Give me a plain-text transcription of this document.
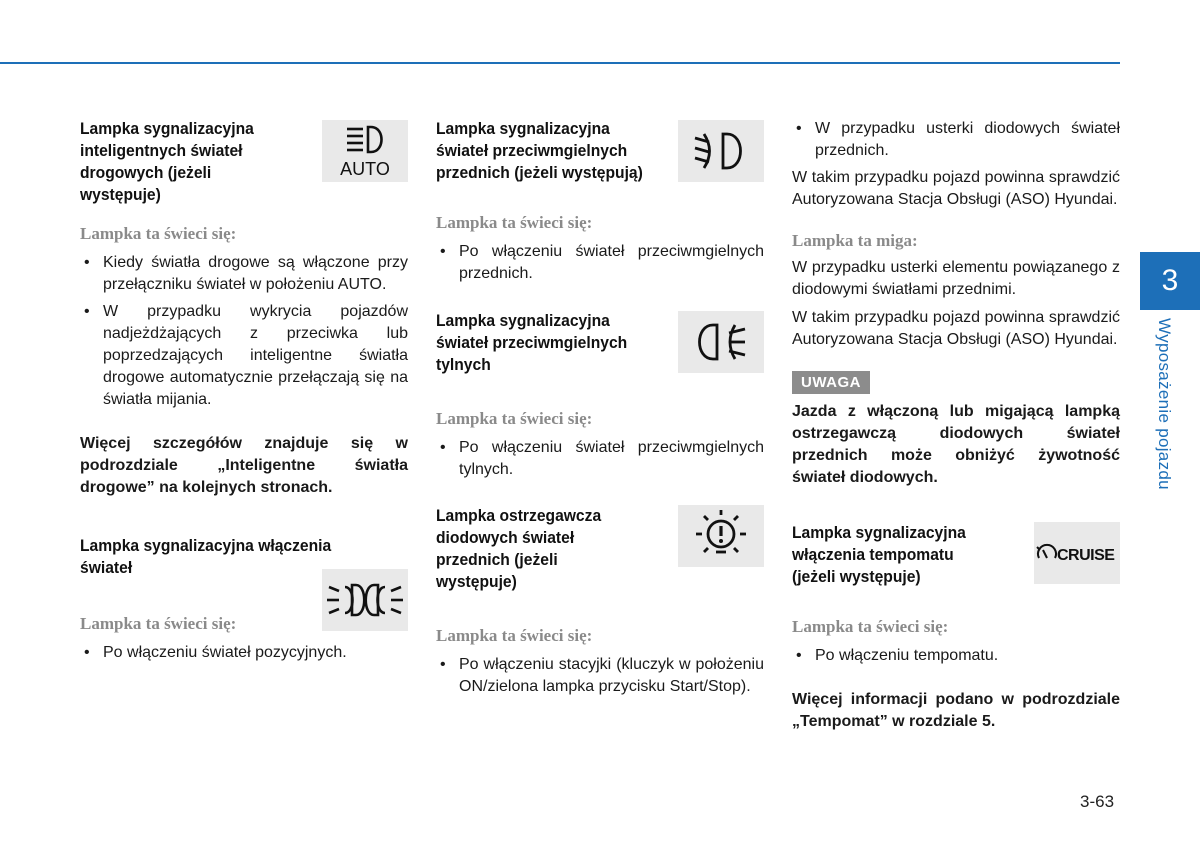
AUTO
Lampka sygnalizacyjna inteligentnych świateł drogowych (jeżeli występuje)
Lampka ta świeci się:
• Kiedy światła drogowe są włączone przy przełączniku świateł w położeniu AUTO.
• W przypadku wykrycia pojazdów nadjeżdżających z przeciwka lub poprzedzających inteligentne światła drogowe automatycznie przełączają się na światła mijania.

Więcej szczegółów znajduje się w podrozdziale „Inteligentne światła drogowe” na kolejnych stronach.

Lampka sygnalizacyjna włączenia świateł
Lampka ta świeci się:
• Po włączeniu świateł pozycyjnych.
Lampka sygnalizacyjna świateł przeciwmgielnych przednich (jeżeli występują)
Lampka ta świeci się:
• Po włączeniu świateł przeciwmgielnych przednich.
Lampka sygnalizacyjna świateł przeciwmgielnych tylnych
Lampka ta świeci się:
• Po włączeniu świateł przeciwmgielnych tylnych.
Lampka ostrzegawcza diodowych świateł przednich (jeżeli występuje)
Lampka ta świeci się:
• Po włączeniu stacyjki (kluczyk w położeniu ON/zielona lampka przycisku Start/Stop).
• W przypadku usterki diodowych świateł przednich.

W takim przypadku pojazd powinna sprawdzić Autoryzowana Stacja Obsługi (ASO) Hyundai.

Lampka ta miga:

W przypadku usterki elementu powiązanego z diodowymi światłami przednimi.

W takim przypadku pojazd powinna sprawdzić Autoryzowana Stacja Obsługi (ASO) Hyundai.

UWAGA

Jazda z włączoną lub migającą lampką ostrzegawczą diodowych świateł przednich może obniżyć żywotność świateł diodowych.

CRUISE
Lampka sygnalizacyjna włączenia tempomatu (jeżeli występuje)
Lampka ta świeci się:
• Po włączeniu tempomatu.

Więcej informacji podano w podrozdziale „Tempomat” w rozdziale 5.

3
Wyposażenie pojazdu
3-63
